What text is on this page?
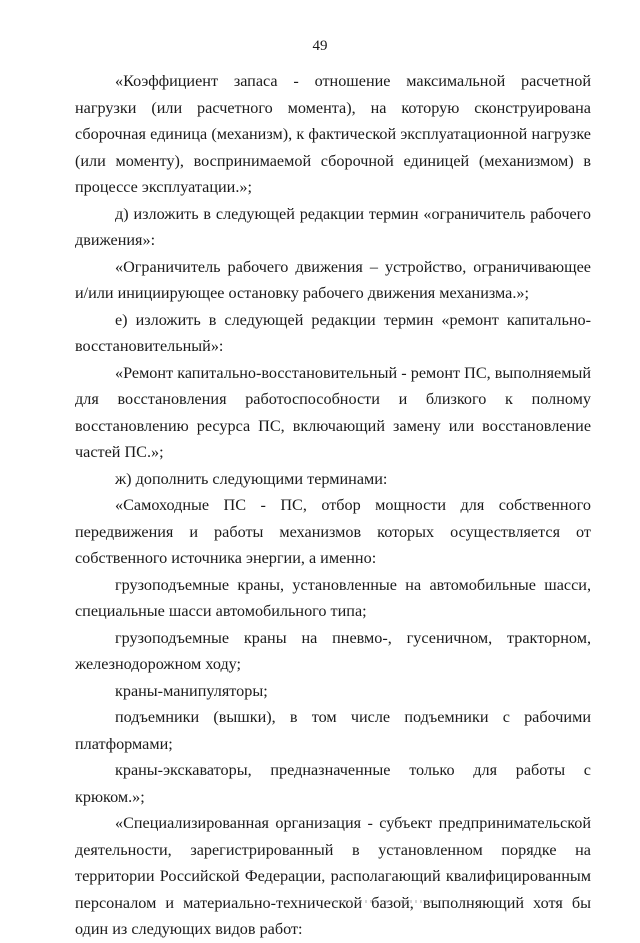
49

«Коэффициент запаса - отношение максимальной расчетной нагрузки (или расчетного момента), на которую сконструирована сборочная единица (механизм), к фактической эксплуатационной нагрузке (или моменту), воспринимаемой сборочной единицей (механизмом) в процессе эксплуатации.»;

д) изложить в следующей редакции термин «ограничитель рабочего движения»:

«Ограничитель рабочего движения – устройство, ограничивающее и/или инициирующее остановку рабочего движения механизма.»;

е) изложить в следующей редакции термин «ремонт капитально-восстановительный»:

«Ремонт капитально-восстановительный - ремонт ПС, выполняемый для восстановления работоспособности и близкого к полному восстановлению ресурса ПС, включающий замену или восстановление частей ПС.»;

ж) дополнить следующими терминами:

«Самоходные ПС - ПС, отбор мощности для собственного передвижения и работы механизмов которых осуществляется от собственного источника энергии, а именно:

грузоподъемные краны, установленные на автомобильные шасси, специальные шасси автомобильного типа;

грузоподъемные краны на пневмо-, гусеничном, тракторном, железнодорожном ходу;

краны-манипуляторы;

подъемники (вышки), в том числе подъемники с рабочими платформами;

краны-экскаваторы, предназначенные только для работы с крюком.»;

«Специализированная организация - субъект предпринимательской деятельности, зарегистрированный в установленном порядке на территории Российской Федерации, располагающий квалифицированным персоналом и материально-технической базой, выполняющий хотя бы один из следующих видов работ:
